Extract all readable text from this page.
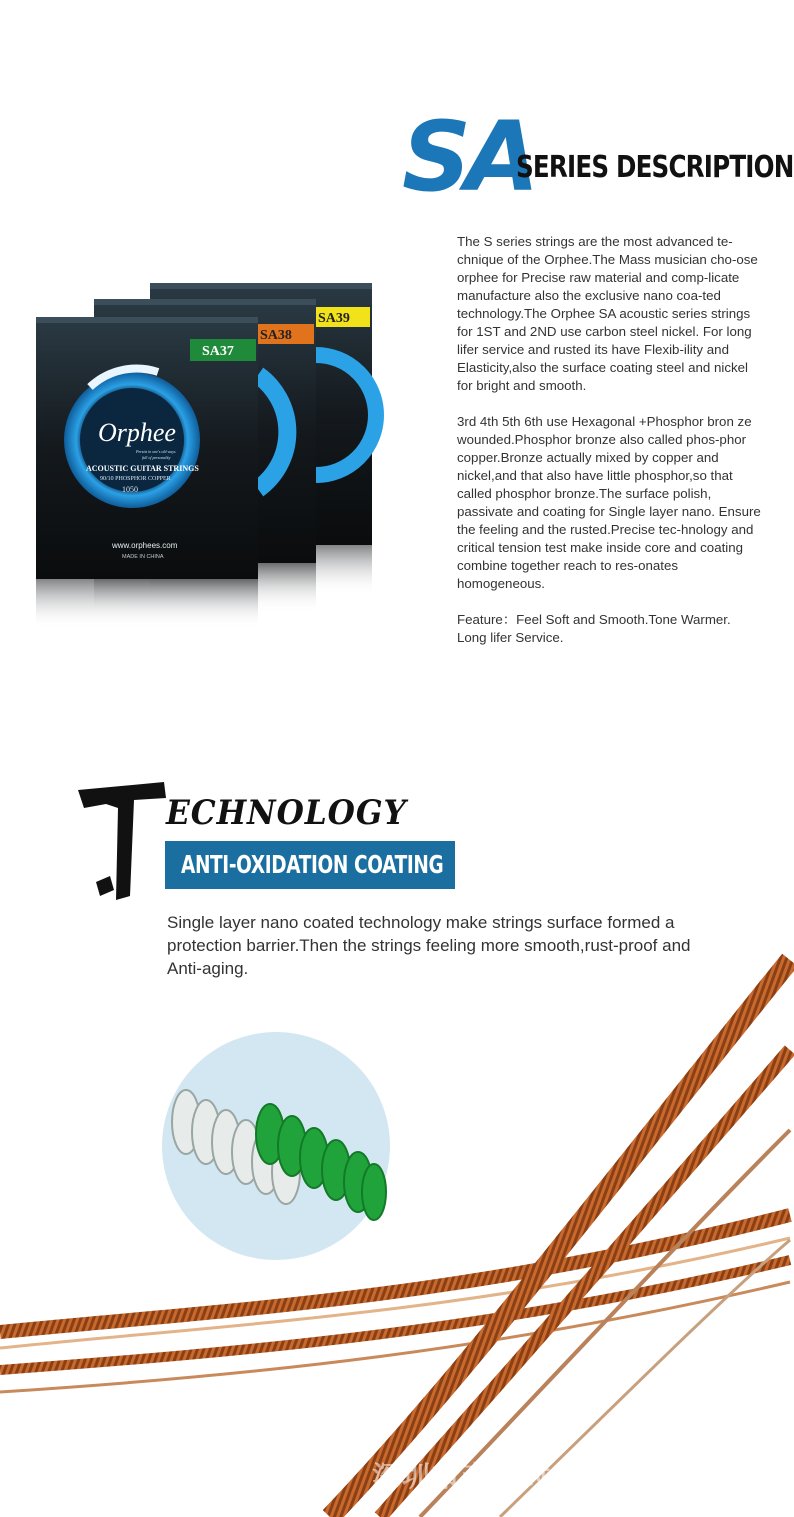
SA
SERIES DESCRIPTION

The S series strings are the most advanced te-chnique of the Orphee.The Mass musician cho-ose orphee for Precise raw material and comp-licate manufacture also the exclusive nano coa-ted technology.The Orphee SA acoustic series strings for 1ST and 2ND use carbon steel nickel. For long lifer service and rusted its have Flexib-ility and Elasticity,also the surface coating steel and nickel for bright and smooth.

3rd 4th 5th 6th use Hexagonal +Phosphor bron ze wounded.Phosphor bronze also called phos-phor copper.Bronze actually mixed by copper and nickel,and that also have little phosphor,so that called phosphor bronze.The surface polish, passivate and coating for Single layer nano. Ensure the feeling and the rusted.Precise tec-hnology and critical tension test make inside core and coating combine together reach to res-onates homogeneous.

Feature：Feel Soft and Smooth.Tone Warmer. Long lifer Service.

SA39
SA38
SA37
Orphee
Persist in one's old ways
full of personality
ACOUSTIC GUITAR STRINGS
90/10 PHOSPHOR COPPER
1050
www.orphees.com
MADE IN CHINA
ECHNOLOGY
ANTI-OXIDATION COATING
Single layer nano coated technology make strings surface formed a protection barrier.Then the strings feeling more smooth,rust-proof and Anti-aging.
深圳市音爱时代有限公司
